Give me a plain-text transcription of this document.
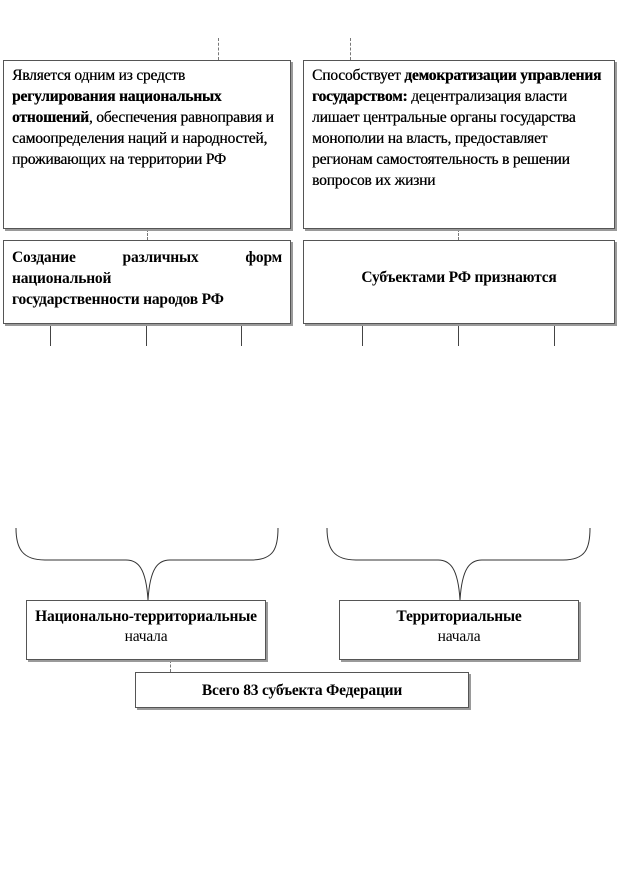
Является одним из средств регулирования национальных отношений, обеспечения равноправия и самоопределения наций и народностей, проживающих на территории РФ
Способствует демократизации управления государством: децентрализация власти лишает центральные органы государства монополии на власть, предоставляет регионам самостоятельность в решении вопросов их жизни
Создание различных форм
национальной
государственности народов РФ
Субъектами РФ признаются
Национально-территориальные начала
Территориальные
начала
Всего 83 субъекта Федерации
